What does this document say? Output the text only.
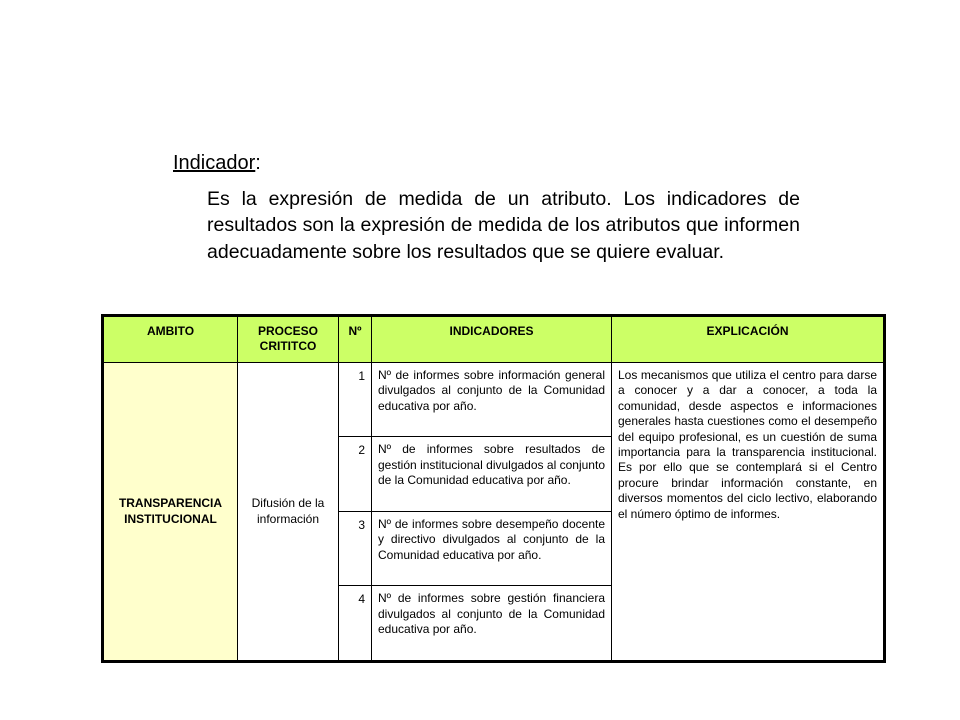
Indicador:
Es la expresión de medida de un atributo. Los indicadores de resultados son la expresión de medida de los atributos que informen adecuadamente sobre los resultados que se quiere evaluar.
AMBITO	PROCESO CRITITCO	Nº	INDICADORES	EXPLICACIÓN
TRANSPARENCIA INSTITUCIONAL	Difusión de la información	1	Nº de informes sobre información general divulgados al conjunto de la Comunidad educativa por año.	Los mecanismos que utiliza el centro para darse a conocer y a dar a conocer, a toda la comunidad, desde aspectos e informaciones generales hasta cuestiones como el desempeño del equipo profesional, es un cuestión de suma importancia para la transparencia institucional. Es por ello que se contemplará si el Centro procure brindar información constante, en diversos momentos del ciclo lectivo, elaborando el número óptimo de informes.
		2	Nº de informes sobre resultados de gestión institucional divulgados al conjunto de la Comunidad educativa por año.	
		3	Nº de informes sobre desempeño docente y directivo divulgados al conjunto de la Comunidad educativa por año.	
		4	Nº de informes sobre gestión financiera divulgados al conjunto de la Comunidad educativa por año.	
